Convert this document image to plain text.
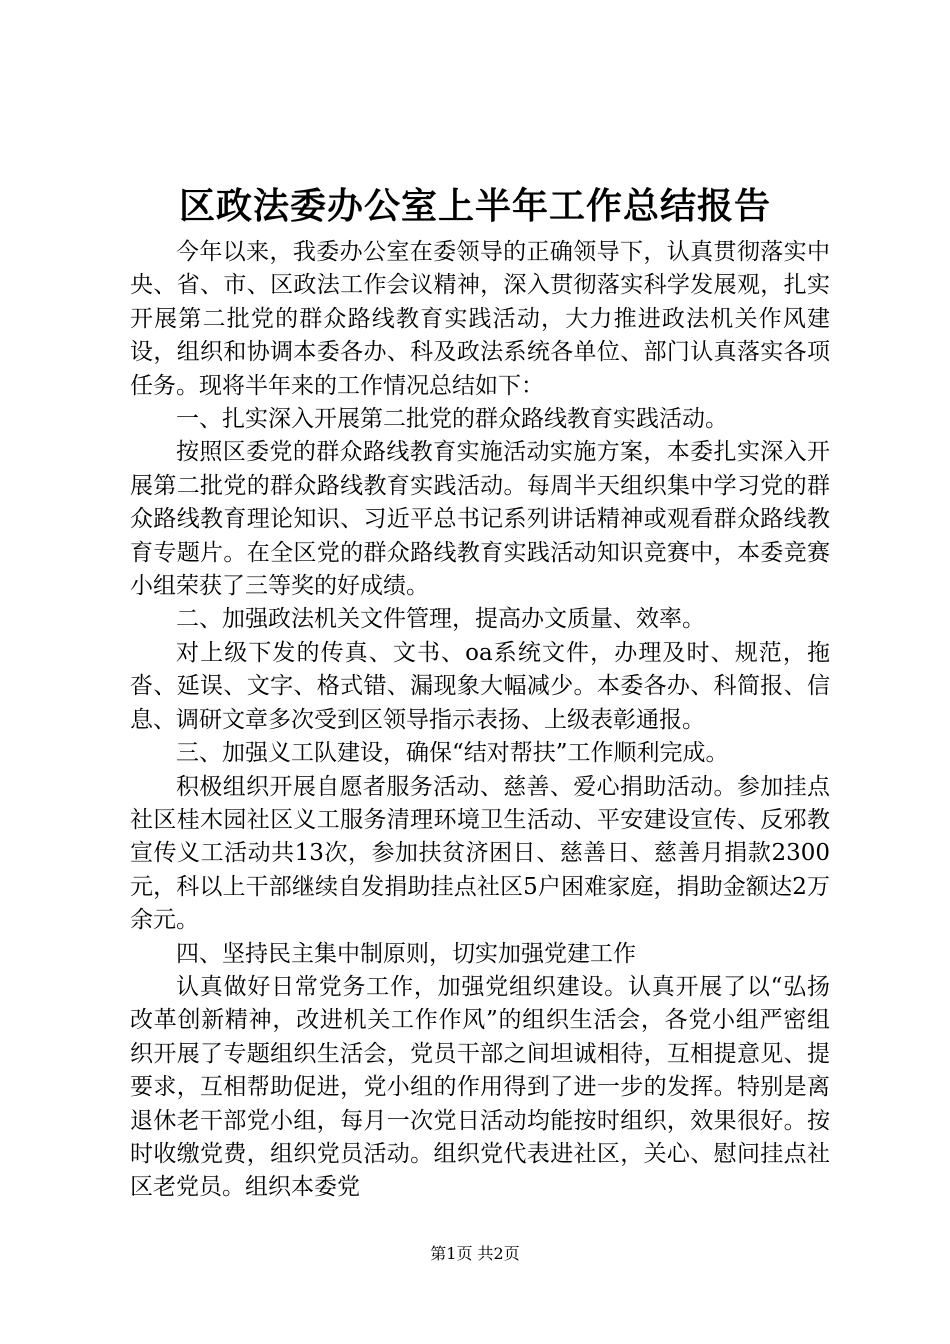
区政法委办公室上半年工作总结报告

今年以来，我委办公室在委领导的正确领导下，认真贯彻落实中央、省、市、区政法工作会议精神，深入贯彻落实科学发展观，扎实开展第二批党的群众路线教育实践活动，大力推进政法机关作风建设，组织和协调本委各办、科及政法系统各单位、部门认真落实各项任务。现将半年来的工作情况总结如下：

一、扎实深入开展第二批党的群众路线教育实践活动。

按照区委党的群众路线教育实施活动实施方案，本委扎实深入开展第二批党的群众路线教育实践活动。每周半天组织集中学习党的群众路线教育理论知识、习近平总书记系列讲话精神或观看群众路线教育专题片。在全区党的群众路线教育实践活动知识竞赛中，本委竞赛小组荣获了三等奖的好成绩。

二、加强政法机关文件管理，提高办文质量、效率。

对上级下发的传真、文书、oa系统文件，办理及时、规范，拖沓、延误、文字、格式错、漏现象大幅减少。本委各办、科简报、信息、调研文章多次受到区领导指示表扬、上级表彰通报。

三、加强义工队建设，确保“结对帮扶”工作顺利完成。

积极组织开展自愿者服务活动、慈善、爱心捐助活动。参加挂点社区桂木园社区义工服务清理环境卫生活动、平安建设宣传、反邪教宣传义工活动共13次，参加扶贫济困日、慈善日、慈善月捐款2300元，科以上干部继续自发捐助挂点社区5户困难家庭，捐助金额达2万余元。

四、坚持民主集中制原则，切实加强党建工作

认真做好日常党务工作，加强党组织建设。认真开展了以“弘扬改革创新精神，改进机关工作作风”的组织生活会，各党小组严密组织开展了专题组织生活会，党员干部之间坦诚相待，互相提意见、提要求，互相帮助促进，党小组的作用得到了进一步的发挥。特别是离退休老干部党小组，每月一次党日活动均能按时组织，效果很好。按时收缴党费，组织党员活动。组织党代表进社区，关心、慰问挂点社区老党员。组织本委党

第1页 共2页
